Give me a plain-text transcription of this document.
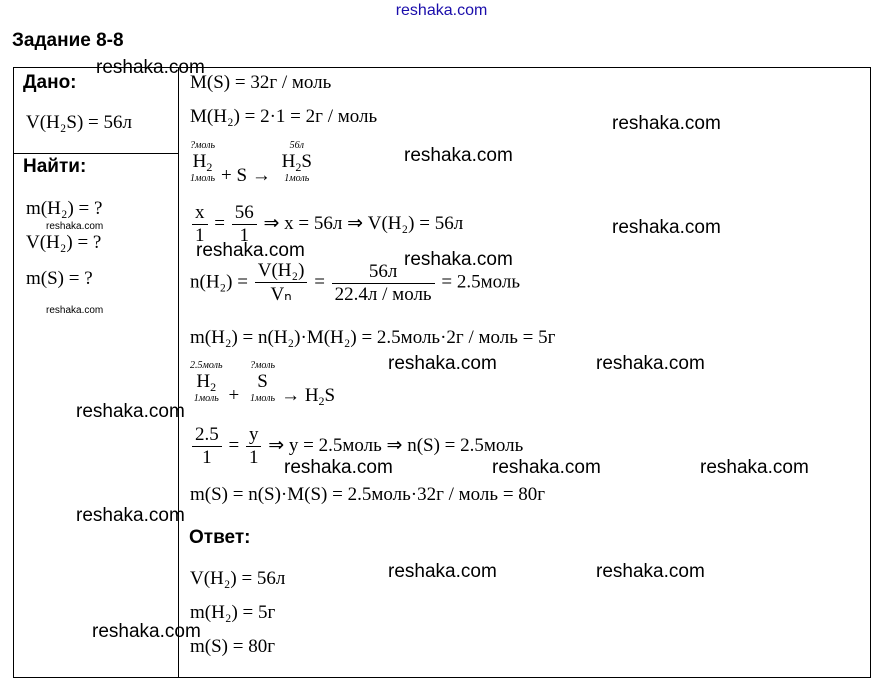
reshaka.com
Задание 8-8
Дано:
V(H₂S) = 56л
Найти:
m(H₂) = ?
V(H₂) = ?
m(S) = ?
M(S) = 32г / моль
M(H₂) = 2·1 = 2г / моль
?моль
$H_2$
1моль + S →
56л
$H_2S$
1моль
$\frac{x}{1} = \frac{56}{1}$ ⇒ x = 56л ⇒ V(H₂) = 56л
$n(H_2) = \frac{\text{V(H₂)}}{\text{Vₙ}} = \frac{56л}{\text{22.4л / моль}}$ = 2.5моль
m(H₂) = n(H₂)·M(H₂) = 2.5моль·2г / моль = 5г
2.5моль
$H_2$
1моль +
?моль
S
1моль → $H_2S$
$\frac{2.5}{1} = \frac{y}{1}$ ⇒ y = 2.5моль ⇒ n(S) = 2.5моль
m(S) = n(S)·M(S) = 2.5моль·32г / моль = 80г
Ответ:
V(H₂) = 56л
m(H₂) = 5г
m(S) = 80г
reshaka.com
reshaka.com
reshaka.com
reshaka.com
reshaka.com
reshaka.com	reshaka.com
reshaka.com
reshaka.com	reshaka.com
reshaka.com
reshaka.com	reshaka.com	reshaka.com
reshaka.com
reshaka.com	reshaka.com
reshaka.com
